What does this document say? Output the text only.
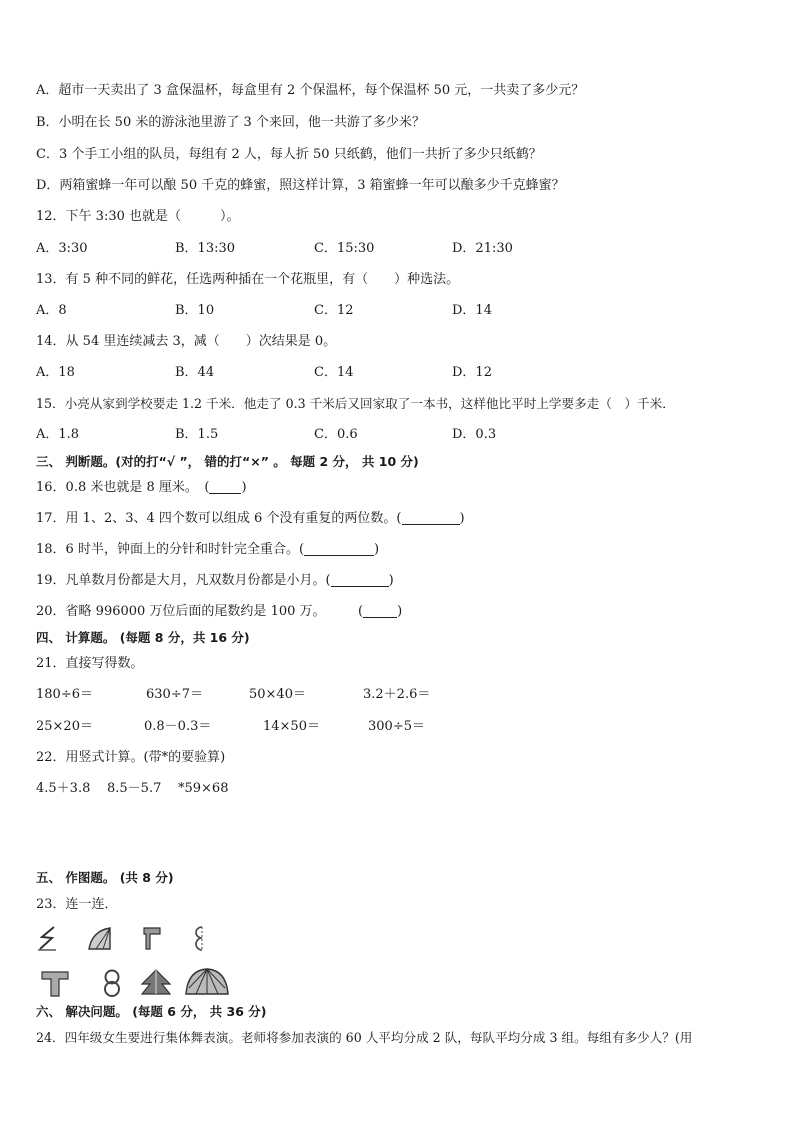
A．超市一天卖出了 3 盒保温杯，每盒里有 2 个保温杯，每个保温杯 50 元，一共卖了多少元？
B．小明在长 50 米的游泳池里游了 3 个来回，他一共游了多少米？
C．3 个手工小组的队员，每组有 2 人，每人折 50 只纸鹤，他们一共折了多少只纸鹤？
D．两箱蜜蜂一年可以酿 50 千克的蜂蜜，照这样计算，3 箱蜜蜂一年可以酿多少千克蜂蜜？
12．下午 3:30 也就是（　　　）。
A．3:30	B．13:30	C．15:30	D．21:30
13．有 5 种不同的鲜花，任选两种插在一个花瓶里，有（　　）种选法。
A．8	B．10	C．12	D．14
14．从 54 里连续减去 3，减（　　）次结果是 0。
A．18	B．44	C．14	D．12
15．小亮从家到学校要走 1.2 千米．他走了 0.3 千米后又回家取了一本书，这样他比平时上学要多走（　）千米．
A．1.8	B．1.5	C．0.6	D．0.3
三、 判断题。(对的打“√ ”， 错的打“×” 。 每题 2 分， 共 10 分)
16．0.8 米也就是 8 厘米。　( )
17．用 1、2、3、4 四个数可以组成 6 个没有重复的两位数。(	)
18．6 时半，钟面上的分针和时针完全重合。(	)
19．凡单数月份都是大月，凡双数月份都是小月。(	)
20．省略 996000 万位后面的尾数约是 100 万。　　　(	)
四、 计算题。 (每题 8 分，共 16 分)
21．直接写得数。
180÷6＝	630÷7＝	50×40＝	3.2＋2.6＝
25×20＝	0.8－0.3＝	14×50＝	300÷5＝
22．用竖式计算。(带*的要验算)
4.5＋3.8 8.5－5.7 *59×68
五、 作图题。 (共 8 分)
23．连一连．
六、 解决问题。 (每题 6 分， 共 36 分)
24．四年级女生要进行集体舞表演。老师将参加表演的 60 人平均分成 2 队，每队平均分成 3 组。每组有多少人？(用
